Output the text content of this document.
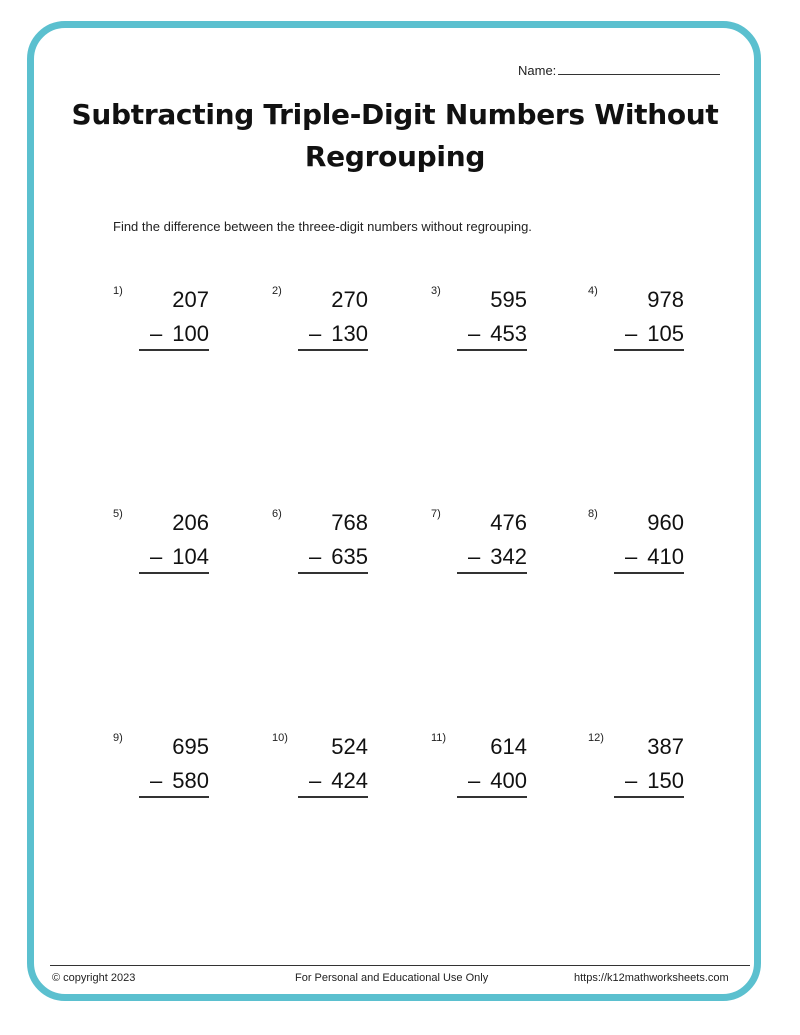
Name:
Subtracting Triple-Digit Numbers Without Regrouping
Find the difference between the threee-digit numbers without regrouping.
1) 207
– 100
2) 270
– 130
3) 595
– 453
4) 978
– 105
5) 206
– 104
6) 768
– 635
7) 476
– 342
8) 960
– 410
9) 695
– 580
10) 524
– 424
11) 614
– 400
12) 387
– 150
© copyright 2023	For Personal and Educational Use Only	https://k12mathworksheets.com
